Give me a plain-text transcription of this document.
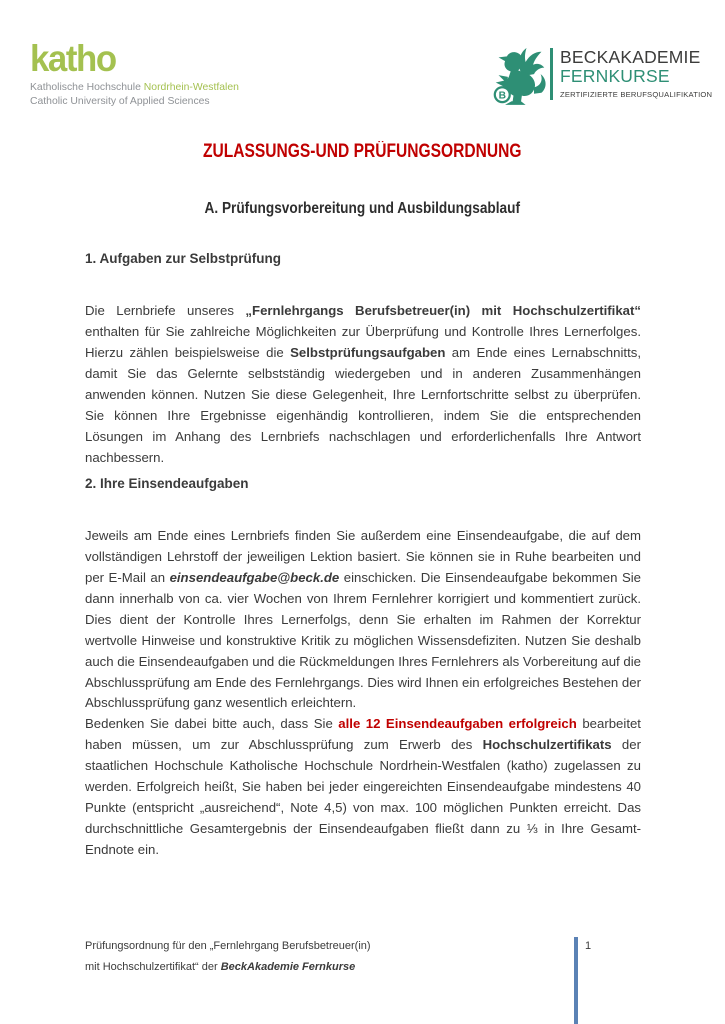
katho
Katholische Hochschule Nordrhein-Westfalen
Catholic University of Applied Sciences
B
BECKAKADEMIE
FERNKURSE
ZERTIFIZIERTE BERUFSQUALIFIKATION
ZULASSUNGS-UND PRÜFUNGSORDNUNG
A. Prüfungsvorbereitung und Ausbildungsablauf
1. Aufgaben zur Selbstprüfung

Die Lernbriefe unseres „Fernlehrgangs Berufsbetreuer(in) mit Hochschulzertifikat“ enthalten für Sie zahlreiche Möglichkeiten zur Überprüfung und Kontrolle Ihres Lernerfolges. Hierzu zählen beispielsweise die Selbstprüfungsaufgaben am Ende eines Lernabschnitts, damit Sie das Gelernte selbstständig wiedergeben und in anderen Zusammenhängen anwenden können. Nutzen Sie diese Gelegenheit, Ihre Lernfortschritte selbst zu überprüfen. Sie können Ihre Ergebnisse eigenhändig kontrollieren, indem Sie die entsprechenden Lösungen im Anhang des Lernbriefs nachschlagen und erforderlichenfalls Ihre Antwort nachbessern.

2. Ihre Einsendeaufgaben

Jeweils am Ende eines Lernbriefs finden Sie außerdem eine Einsendeaufgabe, die auf dem vollständigen Lehrstoff der jeweiligen Lektion basiert. Sie können sie in Ruhe bearbeiten und per E-Mail an einsendeaufgabe@beck.de einschicken. Die Einsendeaufgabe bekommen Sie dann innerhalb von ca. vier Wochen von Ihrem Fernlehrer korrigiert und kommentiert zurück. Dies dient der Kontrolle Ihres Lernerfolgs, denn Sie erhalten im Rahmen der Korrektur wertvolle Hinweise und konstruktive Kritik zu möglichen Wissensdefiziten. Nutzen Sie deshalb auch die Einsendeaufgaben und die Rückmeldungen Ihres Fernlehrers als Vorbereitung auf die Abschlussprüfung am Ende des Fernlehrgangs. Dies wird Ihnen ein erfolgreiches Bestehen der Abschlussprüfung ganz wesentlich erleichtern.

Bedenken Sie dabei bitte auch, dass Sie alle 12 Einsendeaufgaben erfolgreich bearbeitet haben müssen, um zur Abschlussprüfung zum Erwerb des Hochschulzertifikats der staatlichen Hochschule Katholische Hochschule Nordrhein-Westfalen (katho) zugelassen zu werden. Erfolgreich heißt, Sie haben bei jeder eingereichten Einsendeaufgabe mindestens 40 Punkte (entspricht „ausreichend“, Note 4,5) von max. 100 möglichen Punkten erreicht. Das durchschnittliche Gesamtergebnis der Einsendeaufgaben fließt dann zu ⅓ in Ihre Gesamt-Endnote ein.

Prüfungsordnung für den „Fernlehrgang Berufsbetreuer(in)
mit Hochschulzertifikat“ der BeckAkademie Fernkurse
1
